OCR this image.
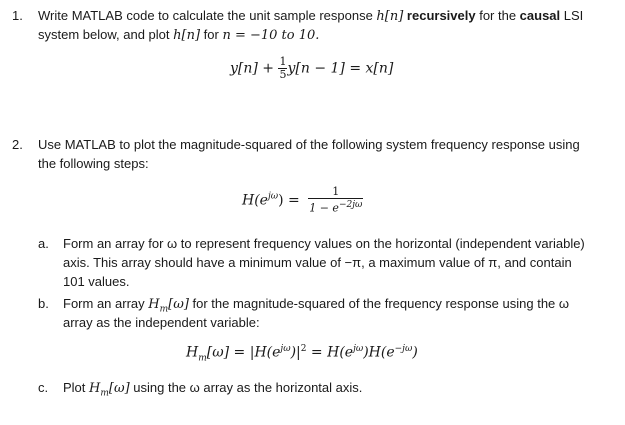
1. Write MATLAB code to calculate the unit sample response h[n] recursively for the causal LSI
system below, and plot h[n] for n = −10 to 10.
$y[n] + \frac{1}{5} y[n - 1] = x[n]$
2. Use MATLAB to plot the magnitude-squared of the following system frequency response using
the following steps:
$H(e^{j\omega}) = \frac{1}{1 - e^{-2j\omega}}$
a. Form an array for ω to represent frequency values on the horizontal (independent variable)
axis. This array should have a minimum value of −π, a maximum value of π, and contain
101 values.
b. Form an array $H_m[\omega]$ for the magnitude-squared of the frequency response using the ω
array as the independent variable:
$H_m[\omega] = |H(e^{j\omega})|^2 = H(e^{j\omega})H(e^{-j\omega})$
c. Plot $H_m[\omega]$ using the ω array as the horizontal axis.
